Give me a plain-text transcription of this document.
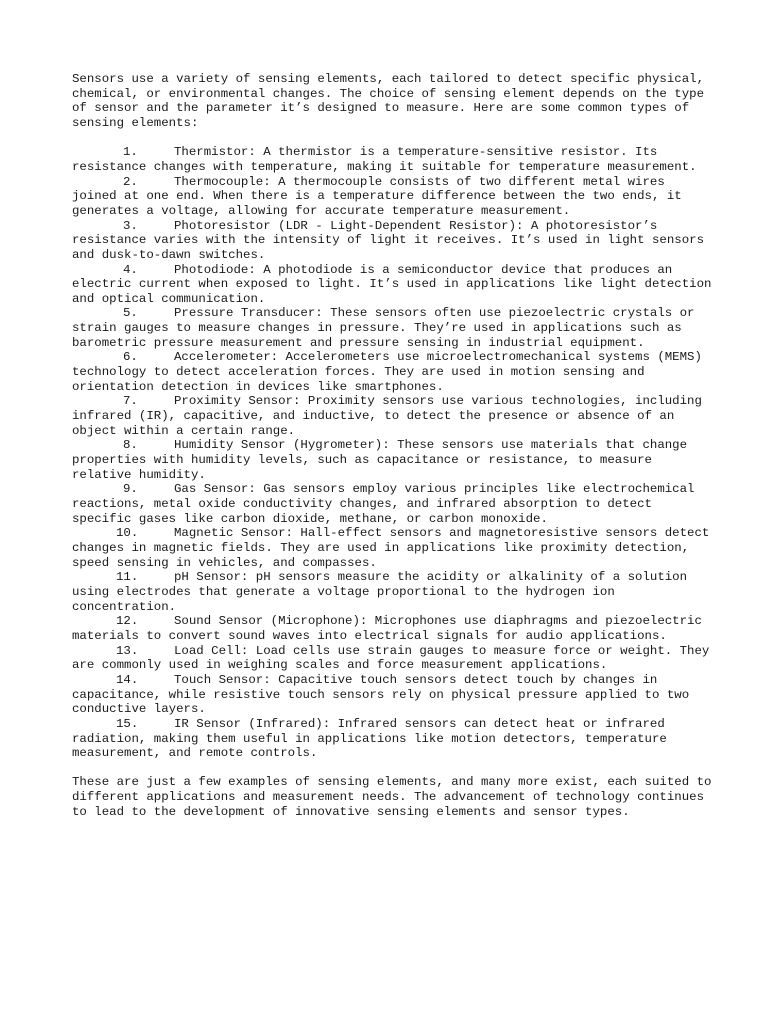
Sensors use a variety of sensing elements, each tailored to detect specific physical, chemical, or environmental changes. The choice of sensing element depends on the type of sensor and the parameter it’s designed to measure. Here are some common types of sensing elements:

1.	Thermistor: A thermistor is a temperature-sensitive resistor. Its resistance changes with temperature, making it suitable for temperature measurement.

2.	Thermocouple: A thermocouple consists of two different metal wires joined at one end. When there is a temperature difference between the two ends, it generates a voltage, allowing for accurate temperature measurement.

3.	Photoresistor (LDR - Light-Dependent Resistor): A photoresistor’s resistance varies with the intensity of light it receives. It’s used in light sensors and dusk-to-dawn switches.

4.	Photodiode: A photodiode is a semiconductor device that produces an electric current when exposed to light. It’s used in applications like light detection and optical communication.

5.	Pressure Transducer: These sensors often use piezoelectric crystals or strain gauges to measure changes in pressure. They’re used in applications such as barometric pressure measurement and pressure sensing in industrial equipment.

6.	Accelerometer: Accelerometers use microelectromechanical systems (MEMS) technology to detect acceleration forces. They are used in motion sensing and orientation detection in devices like smartphones.

7.	Proximity Sensor: Proximity sensors use various technologies, including infrared (IR), capacitive, and inductive, to detect the presence or absence of an object within a certain range.

8.	Humidity Sensor (Hygrometer): These sensors use materials that change properties with humidity levels, such as capacitance or resistance, to measure relative humidity.

9.	Gas Sensor: Gas sensors employ various principles like electrochemical reactions, metal oxide conductivity changes, and infrared absorption to detect specific gases like carbon dioxide, methane, or carbon monoxide.

10.	Magnetic Sensor: Hall-effect sensors and magnetoresistive sensors detect changes in magnetic fields. They are used in applications like proximity detection, speed sensing in vehicles, and compasses.

11.	pH Sensor: pH sensors measure the acidity or alkalinity of a solution using electrodes that generate a voltage proportional to the hydrogen ion concentration.

12.	Sound Sensor (Microphone): Microphones use diaphragms and piezoelectric materials to convert sound waves into electrical signals for audio applications.

13.	Load Cell: Load cells use strain gauges to measure force or weight. They are commonly used in weighing scales and force measurement applications.

14.	Touch Sensor: Capacitive touch sensors detect touch by changes in capacitance, while resistive touch sensors rely on physical pressure applied to two conductive layers.

15.	IR Sensor (Infrared): Infrared sensors can detect heat or infrared radiation, making them useful in applications like motion detectors, temperature measurement, and remote controls.

These are just a few examples of sensing elements, and many more exist, each suited to different applications and measurement needs. The advancement of technology continues to lead to the development of innovative sensing elements and sensor types.
